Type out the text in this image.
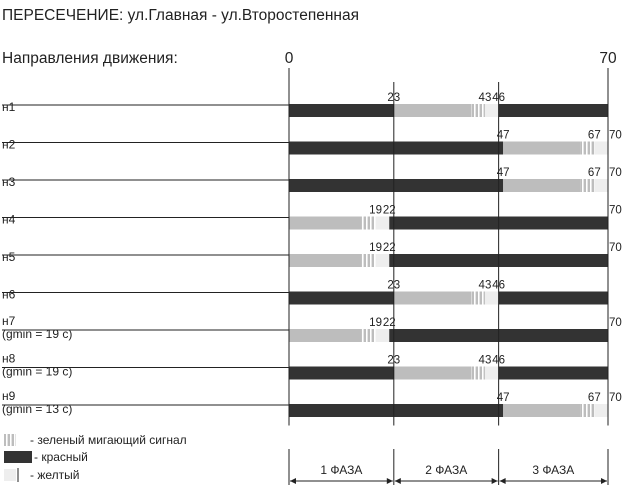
ПЕРЕСЕЧЕНИЕ: ул.Главная - ул.Второстепенная
Направления движения:	0	70
н1
23	43 46
н2
47	67 70
н3
47	67 70
н4
19 22	70
н5
19 22	70
н6
23	43 46
н7
(gmin = 19 с)
19 22	70
н8
(gmin = 19 с)
23	43 46
н9
(gmin = 13 с)
47	67 70
- зеленый мигающий сигнал
- красный
- желтый	1 ФАЗА	2 ФАЗА	3 ФАЗА
